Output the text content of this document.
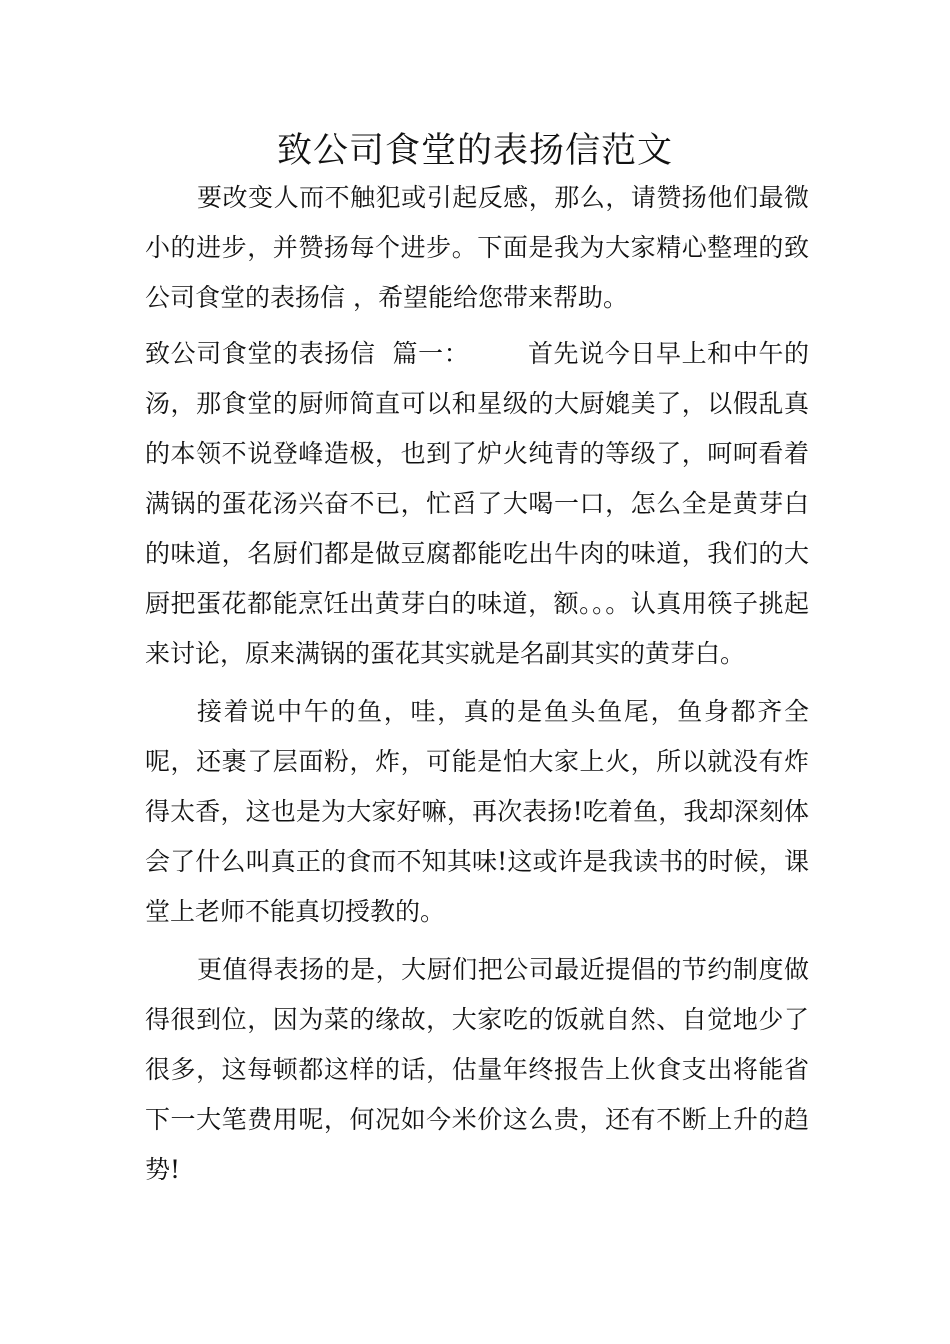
致公司食堂的表扬信范文

要改变人而不触犯或引起反感，那么，请赞扬他们最微小的进步，并赞扬每个进步。下面是我为大家精心整理的致公司食堂的表扬信 ，希望能给您带来帮助。

致公司食堂的表扬信  篇一： 首先说今日早上和中午的汤，那食堂的厨师简直可以和星级的大厨媲美了，以假乱真的本领不说登峰造极，也到了炉火纯青的等级了，呵呵看着满锅的蛋花汤兴奋不已，忙舀了大喝一口，怎么全是黄芽白的味道，名厨们都是做豆腐都能吃出牛肉的味道，我们的大厨把蛋花都能烹饪出黄芽白的味道，额。。。认真用筷子挑起来讨论，原来满锅的蛋花其实就是名副其实的黄芽白。

接着说中午的鱼，哇，真的是鱼头鱼尾，鱼身都齐全呢，还裹了层面粉，炸，可能是怕大家上火，所以就没有炸得太香，这也是为大家好嘛，再次表扬!吃着鱼，我却深刻体会了什么叫真正的食而不知其味!这或许是我读书的时候，课堂上老师不能真切授教的。

更值得表扬的是，大厨们把公司最近提倡的节约制度做得很到位，因为菜的缘故，大家吃的饭就自然、自觉地少了很多，这每顿都这样的话，估量年终报告上伙食支出将能省下一大笔费用呢，何况如今米价这么贵，还有不断上升的趋势!
